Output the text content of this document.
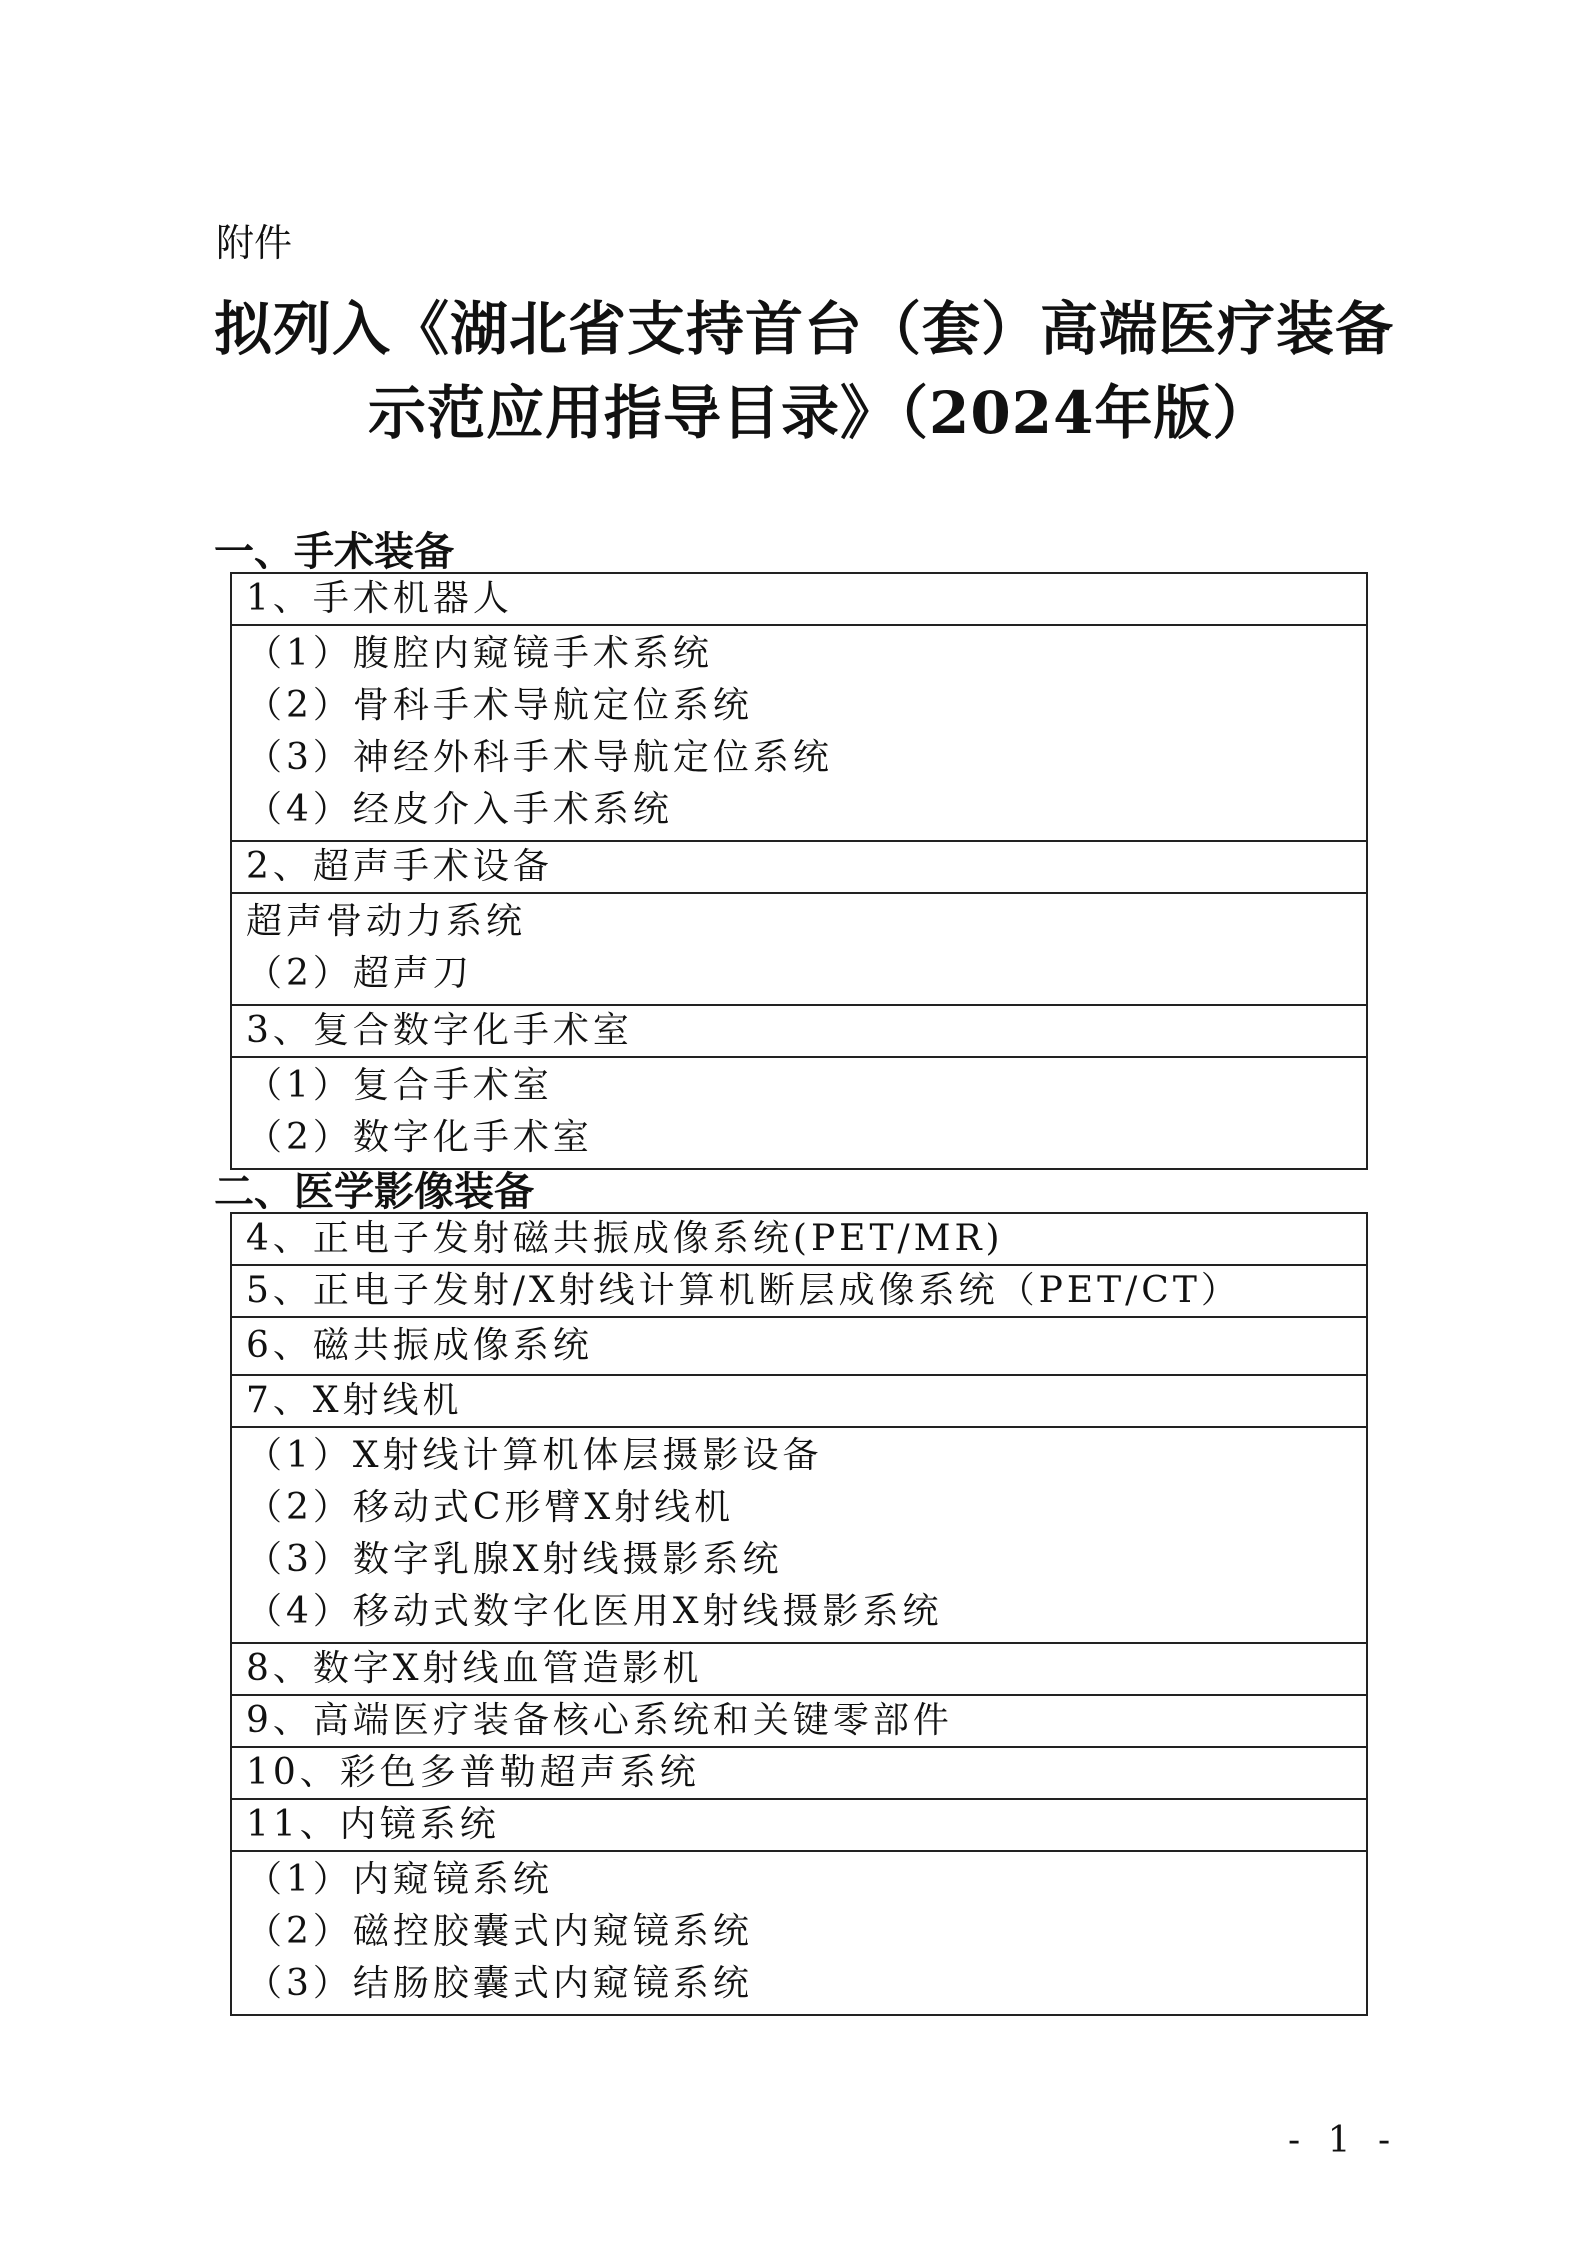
附件
拟列入《湖北省支持首台（套）高端医疗装备
示范应用指导目录》（2024年版）
一、手术装备
1、手术机器人

（1）腹腔内窥镜手术系统
（2）骨科手术导航定位系统
（3）神经外科手术导航定位系统
（4）经皮介入手术系统

2、超声手术设备

超声骨动力系统
（2）超声刀

3、复合数字化手术室

（1）复合手术室
（2）数字化手术室
二、医学影像装备
4、正电子发射磁共振成像系统(PET/MR)
5、正电子发射/X射线计算机断层成像系统（PET/CT）
6、磁共振成像系统
7、X射线机

（1）X射线计算机体层摄影设备
（2）移动式C形臂X射线机
（3）数字乳腺X射线摄影系统
（4）移动式数字化医用X射线摄影系统

8、数字X射线血管造影机
9、高端医疗装备核心系统和关键零部件
10、彩色多普勒超声系统
11、内镜系统

（1）内窥镜系统
（2）磁控胶囊式内窥镜系统
（3）结肠胶囊式内窥镜系统
- 1 -
